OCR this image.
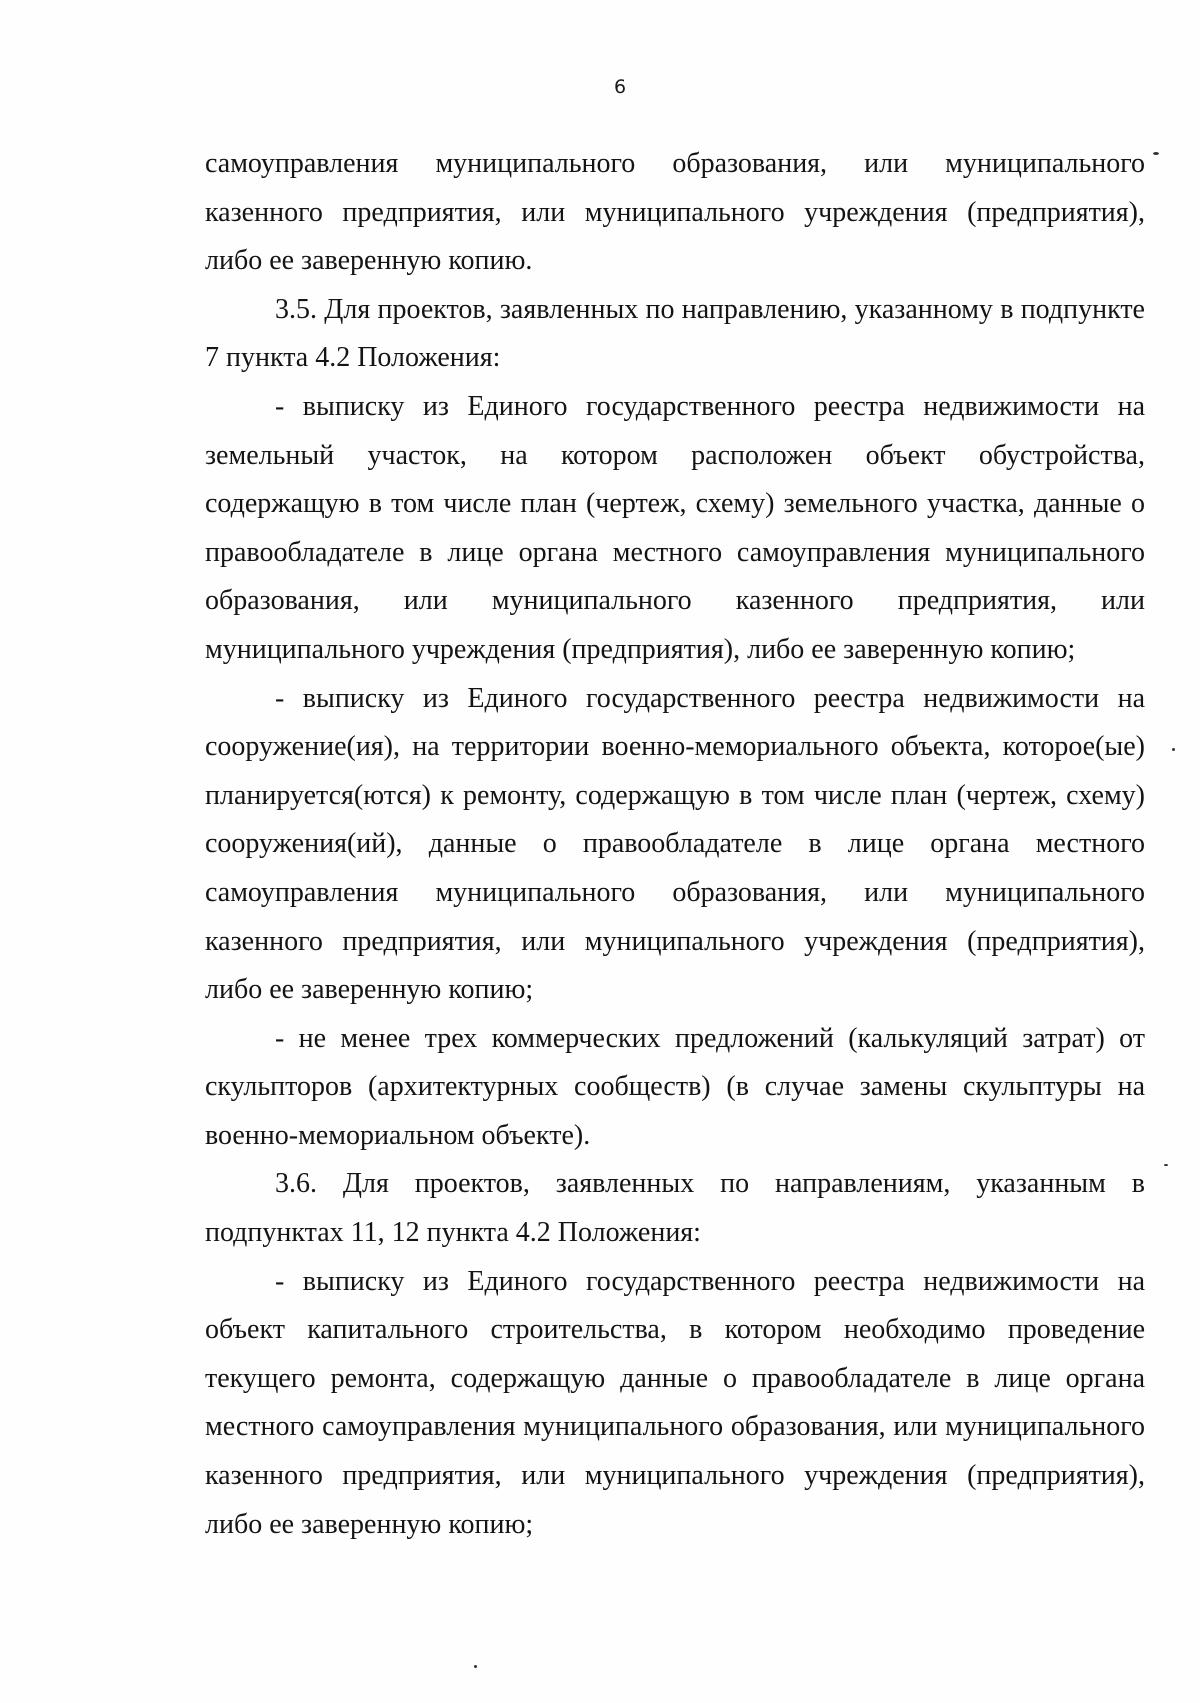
6

самоуправления муниципального образования, или муниципального казенного предприятия, или муниципального учреждения (предприятия), либо ее заверенную копию.

3.5. Для проектов, заявленных по направлению, указанному в подпункте 7 пункта 4.2 Положения:

- выписку из Единого государственного реестра недвижимости на земельный участок, на котором расположен объект обустройства, содержащую в том числе план (чертеж, схему) земельного участка, данные о правообладателе в лице органа местного самоуправления муниципального образования, или муниципального казенного предприятия, или муниципального учреждения (предприятия), либо ее заверенную копию;

- выписку из Единого государственного реестра недвижимости на сооружение(ия), на территории военно-мемориального объекта, которое(ые) планируется(ются) к ремонту, содержащую в том числе план (чертеж, схему) сооружения(ий), данные о правообладателе в лице органа местного самоуправления муниципального образования, или муниципального казенного предприятия, или муниципального учреждения (предприятия), либо ее заверенную копию;

- не менее трех коммерческих предложений (калькуляций затрат) от скульпторов (архитектурных сообществ) (в случае замены скульптуры на военно-мемориальном объекте).

3.6. Для проектов, заявленных по направлениям, указанным в подпунктах 11, 12 пункта 4.2 Положения:

- выписку из Единого государственного реестра недвижимости на объект капитального строительства, в котором необходимо проведение текущего ремонта, содержащую данные о правообладателе в лице органа местного самоуправления муниципального образования, или муниципального казенного предприятия, или муниципального учреждения (предприятия), либо ее заверенную копию;
